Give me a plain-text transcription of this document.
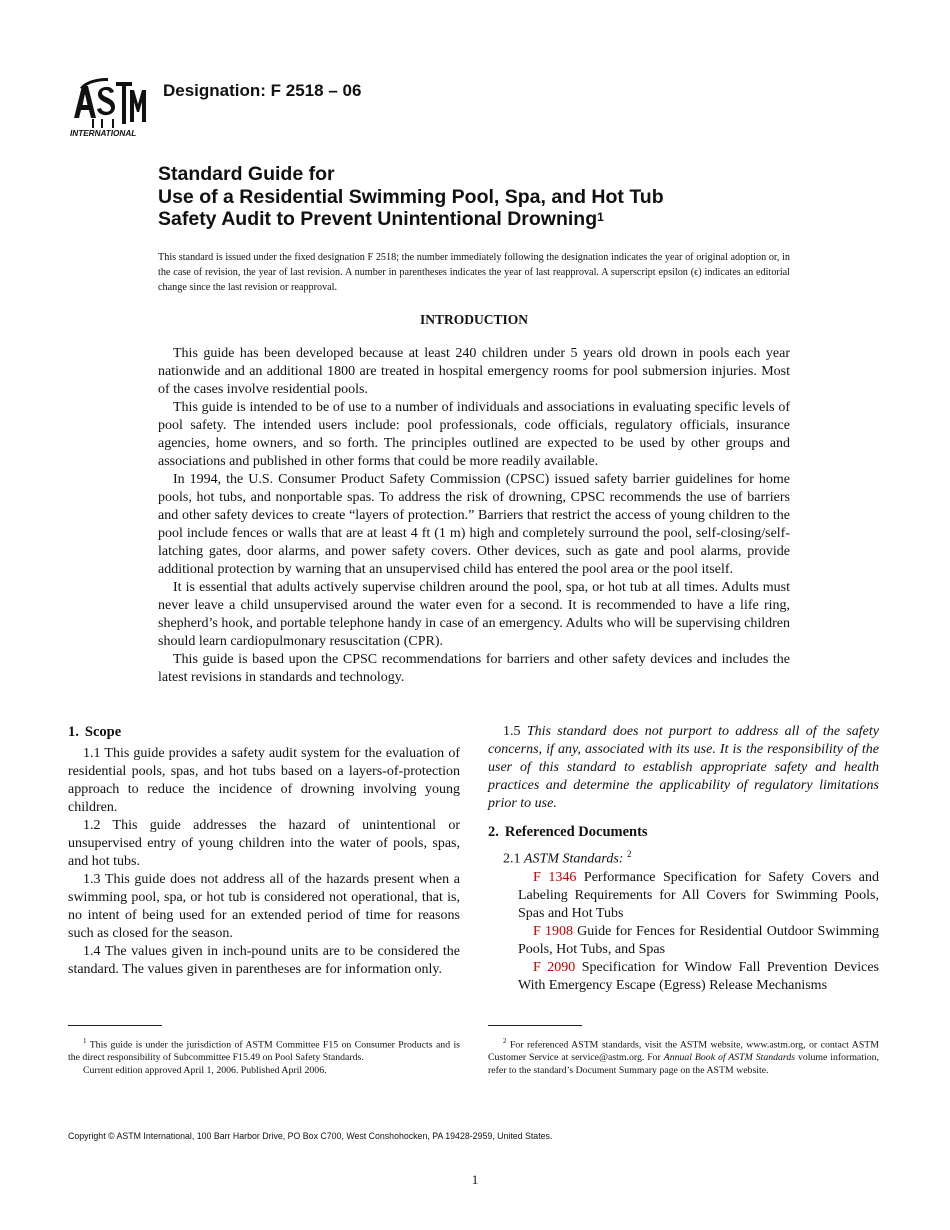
INTERNATIONAL
Designation: F 2518 – 06
Standard Guide for
Use of a Residential Swimming Pool, Spa, and Hot Tub
Safety Audit to Prevent Unintentional Drowning$^1$
This standard is issued under the fixed designation F 2518; the number immediately following the designation indicates the year of original adoption or, in the case of revision, the year of last revision. A number in parentheses indicates the year of last reapproval. A superscript epsilon (ϵ) indicates an editorial change since the last revision or reapproval.
INTRODUCTION

This guide has been developed because at least 240 children under 5 years old drown in pools each year nationwide and an additional 1800 are treated in hospital emergency rooms for pool submersion injuries. Most of the cases involve residential pools.

This guide is intended to be of use to a number of individuals and associations in evaluating specific levels of pool safety. The intended users include: pool professionals, code officials, regulatory officials, insurance agencies, home owners, and so forth. The principles outlined are expected to be used by other groups and associations and published in other forms that could be more readily available.

In 1994, the U.S. Consumer Product Safety Commission (CPSC) issued safety barrier guidelines for home pools, hot tubs, and nonportable spas. To address the risk of drowning, CPSC recommends the use of barriers and other safety devices to create “layers of protection.” Barriers that restrict the access of young children to the pool include fences or walls that are at least 4 ft (1 m) high and completely surround the pool, self-closing/self-latching gates, door alarms, and power safety covers. Other devices, such as gate and pool alarms, provide additional protection by warning that an unsupervised child has entered the pool area or the pool itself.

It is essential that adults actively supervise children around the pool, spa, or hot tub at all times. Adults must never leave a child unsupervised around the water even for a second. It is recommended to have a life ring, shepherd’s hook, and portable telephone handy in case of an emergency. Adults who will be supervising children should learn cardiopulmonary resuscitation (CPR).

This guide is based upon the CPSC recommendations for barriers and other safety devices and includes the latest revisions in standards and technology.

1. Scope

1.1 This guide provides a safety audit system for the evaluation of residential pools, spas, and hot tubs based on a layers-of-protection approach to reduce the incidence of drowning involving young children.

1.2 This guide addresses the hazard of unintentional or unsupervised entry of young children into the water of pools, spas, and hot tubs.

1.3 This guide does not address all of the hazards present when a swimming pool, spa, or hot tub is considered not operational, that is, no intent of being used for an extended period of time for reasons such as closed for the season.

1.4 The values given in inch-pound units are to be considered the standard. The values given in parentheses are for information only.

1.5 This standard does not purport to address all of the safety concerns, if any, associated with its use. It is the responsibility of the user of this standard to establish appropriate safety and health practices and determine the applicability of regulatory limitations prior to use.

2. Referenced Documents
2.1 ASTM Standards: $^2$

F 1346 Performance Specification for Safety Covers and Labeling Requirements for All Covers for Swimming Pools, Spas and Hot Tubs

F 1908 Guide for Fences for Residential Outdoor Swimming Pools, Hot Tubs, and Spas

F 2090 Specification for Window Fall Prevention Devices With Emergency Escape (Egress) Release Mechanisms

$^1$ This guide is under the jurisdiction of ASTM Committee F15 on Consumer Products and is the direct responsibility of Subcommittee F15.49 on Pool Safety Standards.

Current edition approved April 1, 2006. Published April 2006.

$^2$ For referenced ASTM standards, visit the ASTM website, www.astm.org, or contact ASTM Customer Service at service@astm.org. For Annual Book of ASTM Standards volume information, refer to the standard’s Document Summary page on the ASTM website.

Copyright © ASTM International, 100 Barr Harbor Drive, PO Box C700, West Conshohocken, PA 19428-2959, United States.
1
